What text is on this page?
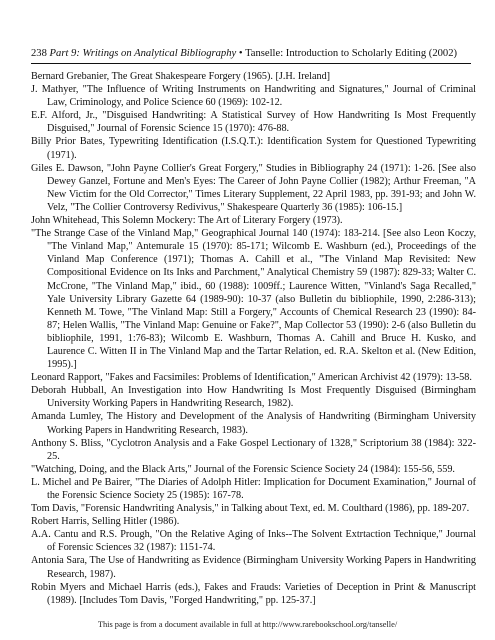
238 Part 9: Writings on Analytical Bibliography • Tanselle: Introduction to Scholarly Editing (2002)
Bernard Grebanier, The Great Shakespeare Forgery (1965). [J.H. Ireland]
J. Mathyer, "The Influence of Writing Instruments on Handwriting and Signatures," Journal of Criminal Law, Criminology, and Police Science 60 (1969): 102-12.
E.F. Alford, Jr., "Disguised Handwriting: A Statistical Survey of How Handwriting Is Most Frequently Disguised," Journal of Forensic Science 15 (1970): 476-88.
Billy Prior Bates, Typewriting Identification (I.S.Q.T.): Identification System for Questioned Typewriting (1971).
Giles E. Dawson, "John Payne Collier's Great Forgery," Studies in Bibliography 24 (1971): 1-26. [See also Dewey Ganzel, Fortune and Men's Eyes: The Career of John Payne Collier (1982); Arthur Freeman, "A New Victim for the Old Corrector," Times Literary Supplement, 22 April 1983, pp. 391-93; and John W. Velz, "The Collier Controversy Redivivus," Shakespeare Quarterly 36 (1985): 106-15.]
John Whitehead, This Solemn Mockery: The Art of Literary Forgery (1973).
"The Strange Case of the Vinland Map," Geographical Journal 140 (1974): 183-214. [See also Leon Koczy, "The Vinland Map," Antemurale 15 (1970): 85-171; Wilcomb E. Washburn (ed.), Proceedings of the Vinland Map Conference (1971); Thomas A. Cahill et al., "The Vinland Map Revisited: New Compositional Evidence on Its Inks and Parchment," Analytical Chemistry 59 (1987): 829-33; Walter C. McCrone, "The Vinland Map," ibid., 60 (1988): 1009ff.; Laurence Witten, "Vinland's Saga Recalled," Yale University Library Gazette 64 (1989-90): 10-37 (also Bulletin du bibliophile, 1990, 2:286-313); Kenneth M. Towe, "The Vinland Map: Still a Forgery," Accounts of Chemical Research 23 (1990): 84-87; Helen Wallis, "The Vinland Map: Genuine or Fake?", Map Collector 53 (1990): 2-6 (also Bulletin du bibliophile, 1991, 1:76-83); Wilcomb E. Washburn, Thomas A. Cahill and Bruce H. Kusko, and Laurence C. Witten II in The Vinland Map and the Tartar Relation, ed. R.A. Skelton et al. (New Edition, 1995).]
Leonard Rapport, "Fakes and Facsimiles: Problems of Identification," American Archivist 42 (1979): 13-58.
Deborah Hubball, An Investigation into How Handwriting Is Most Frequently Disguised (Birmingham University Working Papers in Handwriting Research, 1982).
Amanda Lumley, The History and Development of the Analysis of Handwriting (Birmingham University Working Papers in Handwriting Research, 1983).
Anthony S. Bliss, "Cyclotron Analysis and a Fake Gospel Lectionary of 1328," Scriptorium 38 (1984): 322-25.
"Watching, Doing, and the Black Arts," Journal of the Forensic Science Society 24 (1984): 155-56, 559.
L. Michel and Pe Bairer, "The Diaries of Adolph Hitler: Implication for Document Examination," Journal of the Forensic Science Society 25 (1985): 167-78.
Tom Davis, "Forensic Handwriting Analysis," in Talking about Text, ed. M. Coulthard (1986), pp. 189-207.
Robert Harris, Selling Hitler (1986).
A.A. Cantu and R.S. Prough, "On the Relative Aging of Inks--The Solvent Extrtaction Technique," Journal of Forensic Sciences 32 (1987): 1151-74.
Antonia Sara, The Use of Handwriting as Evidence (Birmingham University Working Papers in Handwriting Research, 1987).
Robin Myers and Michael Harris (eds.), Fakes and Frauds: Varieties of Deception in Print & Manuscript (1989). [Includes Tom Davis, "Forged Handwriting," pp. 125-37.]
This page is from a document available in full at http://www.rarebookschool.org/tanselle/
